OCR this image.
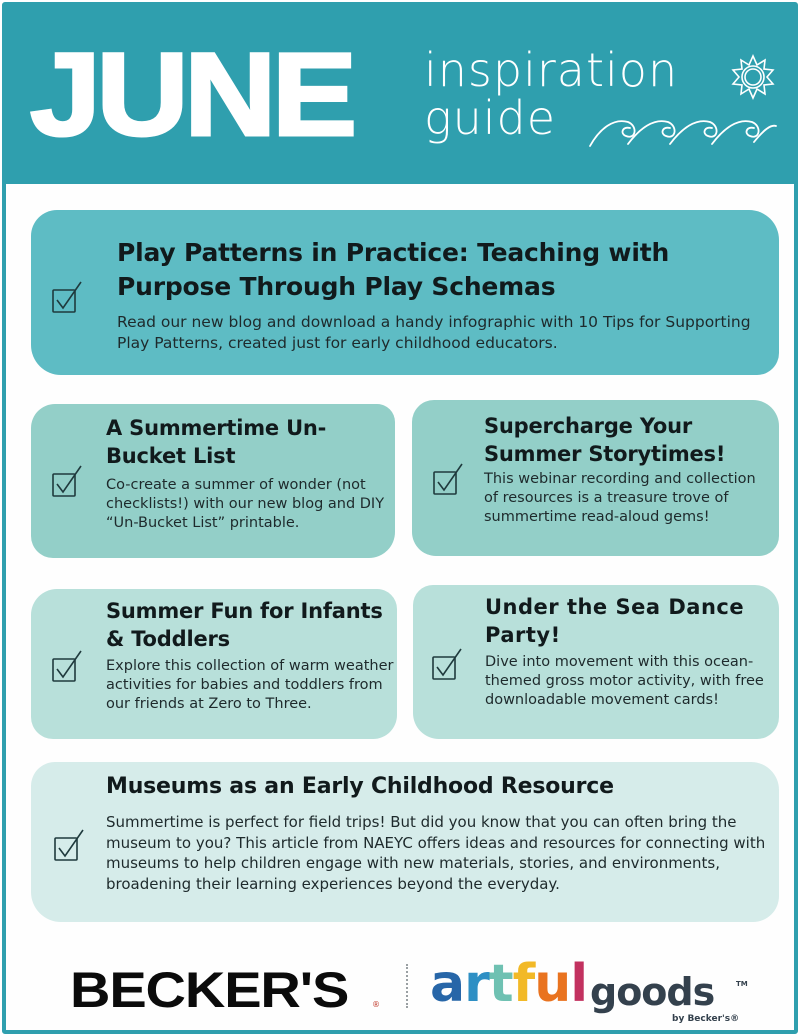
JUNE inspiration
guide
Play Patterns in Practice: Teaching with Purpose Through Play Schemas

Read our new blog and download a handy infographic with 10 Tips for Supporting Play Patterns, created just for early childhood educators.

A Summertime Un-Bucket List

Co-create a summer of wonder (not checklists!) with our new blog and DIY “Un-Bucket List” printable.

Supercharge Your Summer Storytimes!

This webinar recording and collection of resources is a treasure trove of summertime read-aloud gems!

Summer Fun for Infants & Toddlers

Explore this collection of warm weather activities for babies and toddlers from our friends at Zero to Three.

Under the Sea Dance Party!

Dive into movement with this ocean-themed gross motor activity, with free downloadable movement cards!

Museums as an Early Childhood Resource

Summertime is perfect for field trips! But did you know that you can often bring the museum to you? This article from NAEYC offers ideas and resources for connecting with museums to help children engage with new materials, stories, and environments, broadening their learning experiences beyond the everyday.

BECKER'S	® artful goods	TM
by Becker's®
